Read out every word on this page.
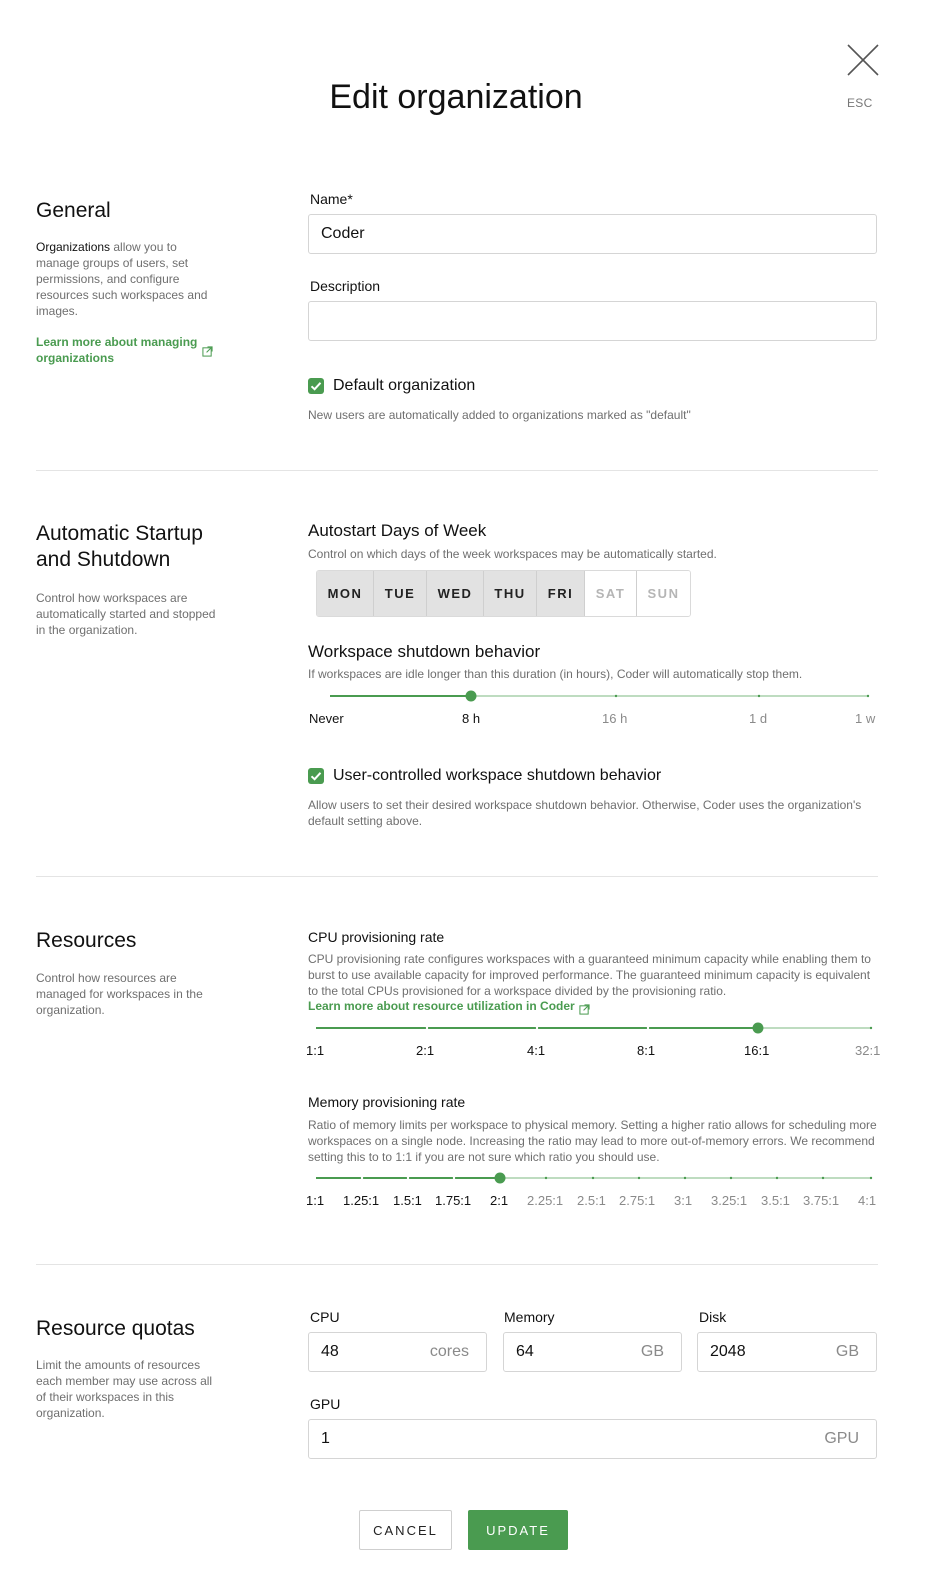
Edit organization	ESC
General
Organizations allow you to manage groups of users, set permissions, and configure resources such workspaces and images.
Learn more about managing organizations
Name*
Coder
Description
Default organization
New users are automatically added to organizations marked as "default"
Automatic Startup and Shutdown
Control how workspaces are automatically started and stopped in the organization.
Autostart Days of Week
Control on which days of the week workspaces may be automatically started.
MON	TUE	WED	THU	FRI	SAT	SUN
Workspace shutdown behavior
If workspaces are idle longer than this duration (in hours), Coder will automatically stop them.
Never	8 h	16 h	1 d	1 w
User-controlled workspace shutdown behavior
Allow users to set their desired workspace shutdown behavior. Otherwise, Coder uses the organization's default setting above.
Resources
Control how resources are managed for workspaces in the organization.
CPU provisioning rate
CPU provisioning rate configures workspaces with a guaranteed minimum capacity while enabling them to burst to use available capacity for improved performance. The guaranteed minimum capacity is equivalent to the total CPUs provisioned for a workspace divided by the provisioning ratio.
Learn more about resource utilization in Coder
1:1	2:1	4:1	8:1	16:1	32:1
Memory provisioning rate
Ratio of memory limits per workspace to physical memory. Setting a higher ratio allows for scheduling more workspaces on a single node. Increasing the ratio may lead to more out-of-memory errors. We recommend setting this to to 1:1 if you are not sure which ratio you should use.
1:1 1.25:1 1.5:1 1.75:1 2:1 2.25:1 2.5:1 2.75:1 3:1 3.25:1 3.5:1 3.75:1 4:1
Resource quotas
Limit the amounts of resources each member may use across all of their workspaces in this organization.
CPU
48	cores
Memory
64	GB
Disk
2048	GB
GPU
1	GPU
CANCEL	UPDATE
